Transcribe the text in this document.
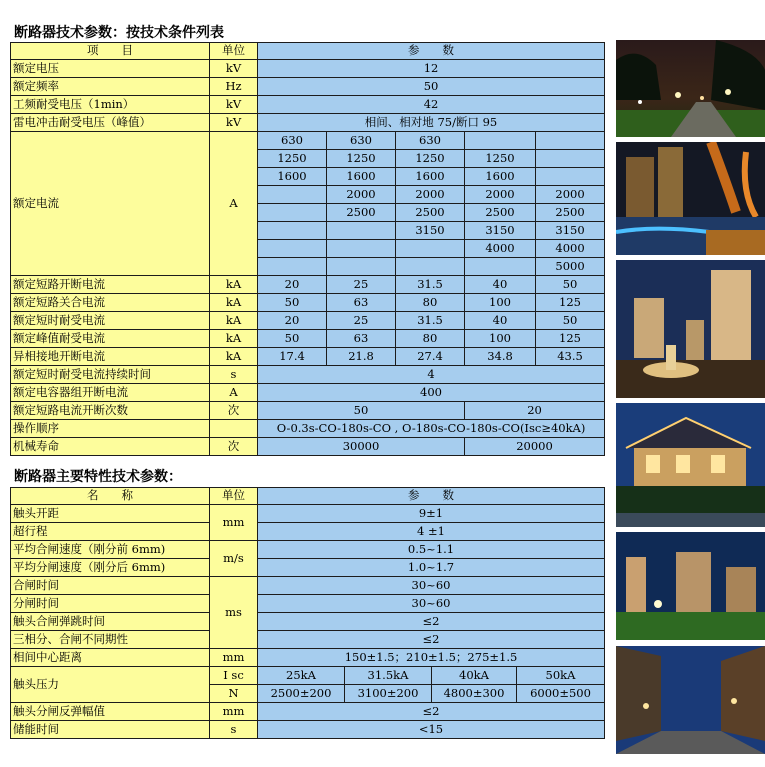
断路器技术参数：按技术条件列表
项　　目	单位	参　　数				
额定电压	kV	12				
额定频率	Hz	50				
工频耐受电压（1min）	kV	42				
雷电冲击耐受电压（峰值）	kV	相间、相对地 75/断口 95				
额定电流	A	630	630	630		
		1250	1250	1250	1250	
		1600	1600	1600	1600	
			2000	2000	2000	2000
			2500	2500	2500	2500
				3150	3150	3150
					4000	4000
						5000
额定短路开断电流	kA	20	25	31.5	40	50
额定短路关合电流	kA	50	63	80	100	125
额定短时耐受电流	kA	20	25	31.5	40	50
额定峰值耐受电流	kA	50	63	80	100	125
异相接地开断电流	kA	17.4	21.8	27.4	34.8	43.5
额定短时耐受电流持续时间	s	4				
额定电容器组开断电流	A	400				
额定短路电流开断次数	次	50			20	
操作顺序		O-0.3s-CO-180s-CO , O-180s-CO-180s-CO(Isc≥40kA)				
机械寿命	次	30000			20000	
断路器主要特性技术参数：
名　　称	单位	参　　数			
触头开距	mm	9±1			
超行程		4 ±1			
平均合闸速度（刚分前 6mm)	m/s	0.5~1.1			
平均分闸速度（刚分后 6mm)		1.0~1.7			
合闸时间	ms	30~60			
分闸时间		30~60			
触头合闸弹跳时间		≤2			
三相分、合闸不同期性		≤2			
相间中心距离	mm	150±1.5；210±1.5；275±1.5			
触头压力	I sc	25kA	31.5kA	40kA	50kA
	N	2500±200	3100±200	4800±300	6000±500
触头分闸反弹幅值	mm	≤2			
储能时间	s	<15			
